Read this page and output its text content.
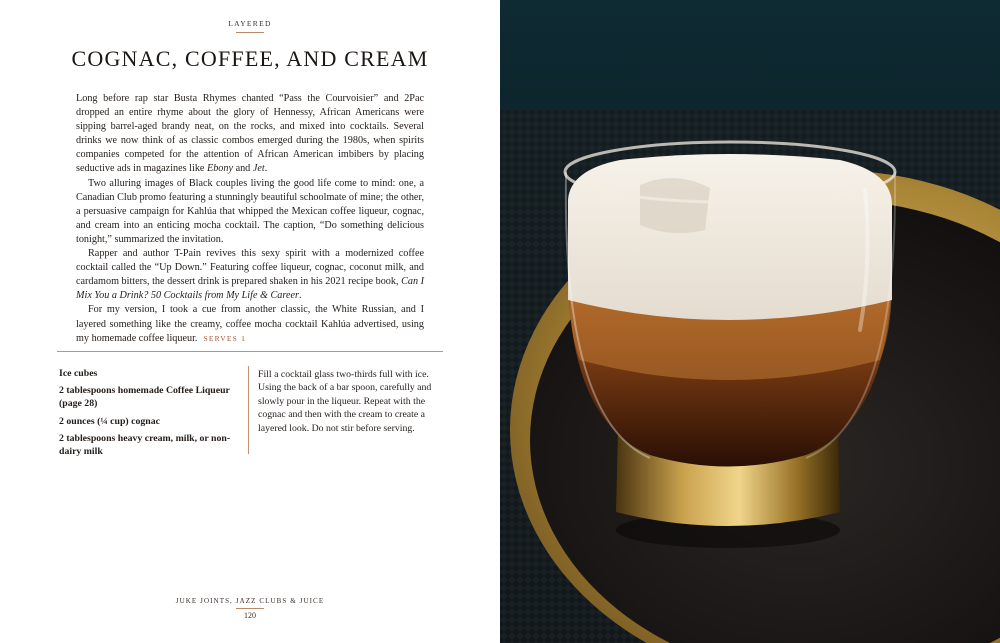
LAYERED
COGNAC, COFFEE, AND CREAM

Long before rap star Busta Rhymes chanted “Pass the Courvoisier” and 2Pac dropped an entire rhyme about the glory of Hennessy, African Americans were sipping barrel-aged brandy neat, on the rocks, and mixed into cocktails. Several drinks we now think of as classic combos emerged during the 1980s, when spirits companies competed for the attention of African American imbibers by placing seductive ads in magazines like Ebony and Jet.

Two alluring images of Black couples living the good life come to mind: one, a Canadian Club promo featuring a stunningly beautiful schoolmate of mine; the other, a persuasive campaign for Kahlúa that whipped the Mexican coffee liqueur, cognac, and cream into an enticing mocha cocktail. The caption, “Do something delicious tonight,” summarized the invitation.

Rapper and author T-Pain revives this sexy spirit with a modernized coffee cocktail called the “Up Down.” Featuring coffee liqueur, cognac, coconut milk, and cardamom bitters, the dessert drink is prepared shaken in his 2021 recipe book, Can I Mix You a Drink? 50 Cocktails from My Life & Career.

For my version, I took a cue from another classic, the White Russian, and I layered something like the creamy, coffee mocha cocktail Kahlúa advertised, using my homemade coffee liqueur. SERVES 1

Ice cubes
2 tablespoons homemade Coffee Liqueur (page 28)
2 ounces (¼ cup) cognac
2 tablespoons heavy cream, milk, or non-dairy milk

Fill a cocktail glass two-thirds full with ice. Using the back of a bar spoon, carefully and slowly pour in the liqueur. Repeat with the cognac and then with the cream to create a layered look. Do not stir before serving.

JUKE JOINTS, JAZZ CLUBS & JUICE
120
